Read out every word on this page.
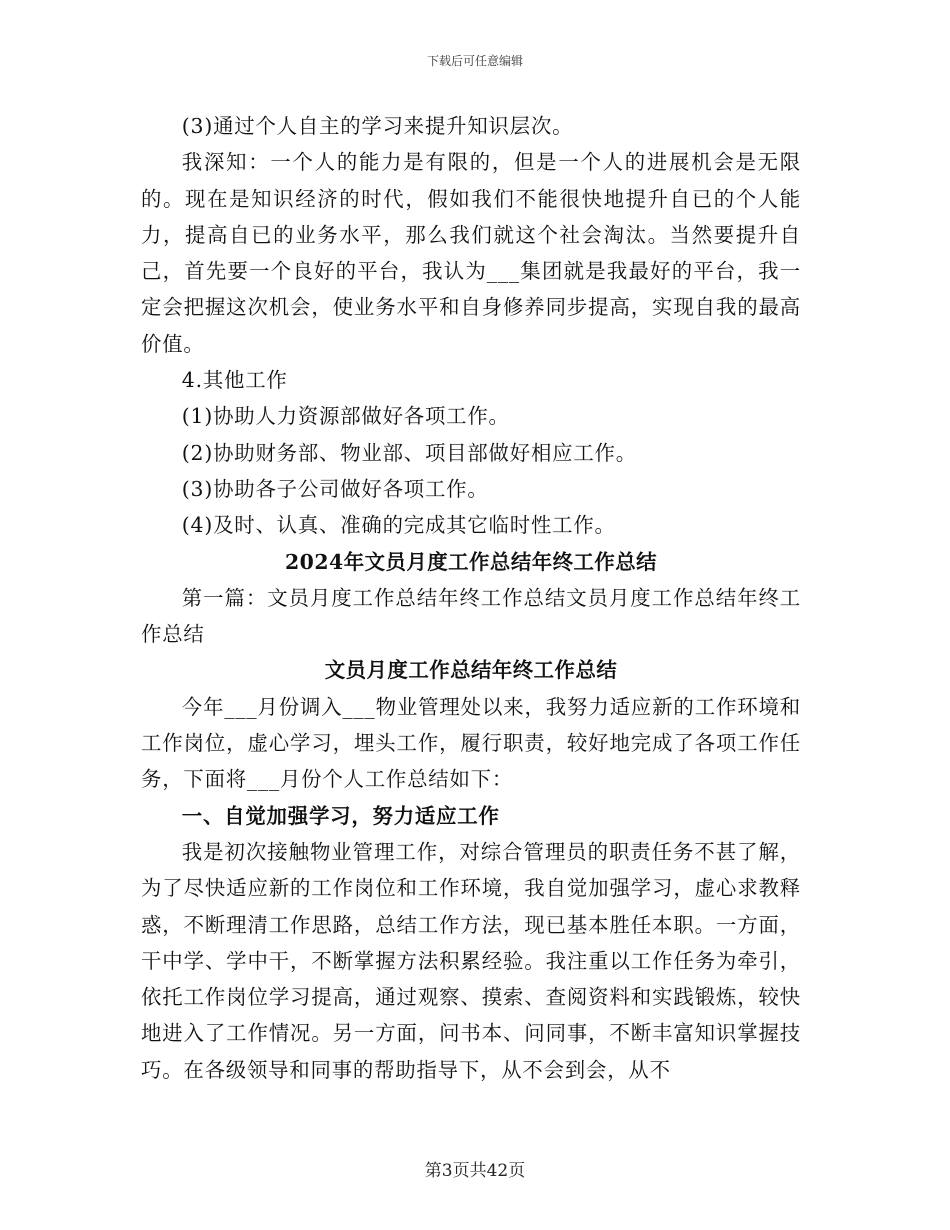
下载后可任意编辑

(3)通过个人自主的学习来提升知识层次。

我深知：一个人的能力是有限的，但是一个人的进展机会是无限的。现在是知识经济的时代，假如我们不能很快地提升自已的个人能力，提高自已的业务水平，那么我们就这个社会淘汰。当然要提升自己，首先要一个良好的平台，我认为___集团就是我最好的平台，我一定会把握这次机会，使业务水平和自身修养同步提高，实现自我的最高价值。

4.其他工作

(1)协助人力资源部做好各项工作。

(2)协助财务部、物业部、项目部做好相应工作。

(3)协助各子公司做好各项工作。

(4)及时、认真、准确的完成其它临时性工作。

2024年文员月度工作总结年终工作总结

第一篇：文员月度工作总结年终工作总结文员月度工作总结年终工作总结

文员月度工作总结年终工作总结

今年___月份调入___物业管理处以来，我努力适应新的工作环境和工作岗位，虚心学习，埋头工作，履行职责，较好地完成了各项工作任务，下面将___月份个人工作总结如下：

一、自觉加强学习，努力适应工作

我是初次接触物业管理工作，对综合管理员的职责任务不甚了解，为了尽快适应新的工作岗位和工作环境，我自觉加强学习，虚心求教释惑，不断理清工作思路，总结工作方法，现已基本胜任本职。一方面，干中学、学中干，不断掌握方法积累经验。我注重以工作任务为牵引，依托工作岗位学习提高，通过观察、摸索、查阅资料和实践锻炼，较快地进入了工作情况。另一方面，问书本、问同事，不断丰富知识掌握技巧。在各级领导和同事的帮助指导下，从不会到会，从不

第3页共42页
